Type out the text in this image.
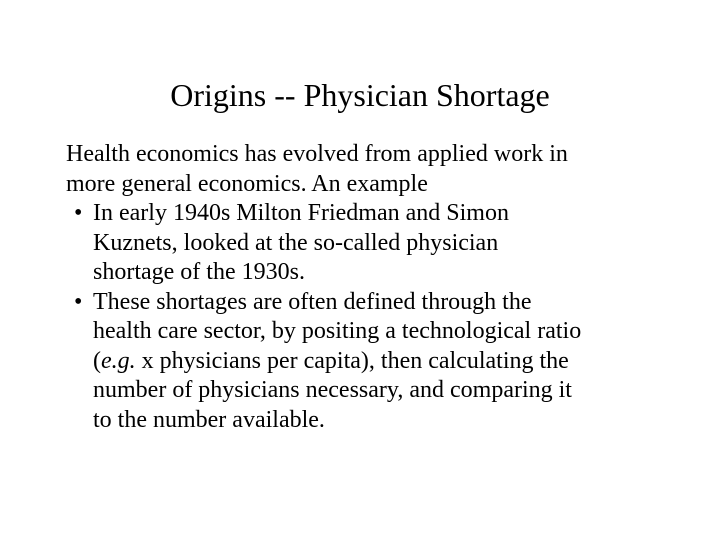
Origins -- Physician Shortage

Health economics has evolved from applied work in
more general economics. An example

• In early 1940s Milton Friedman and Simon
Kuznets, looked at the so-called physician
shortage of the 1930s.
• These shortages are often defined through the
health care sector, by positing a technological ratio
(e.g. x physicians per capita), then calculating the
number of physicians necessary, and comparing it
to the number available.
